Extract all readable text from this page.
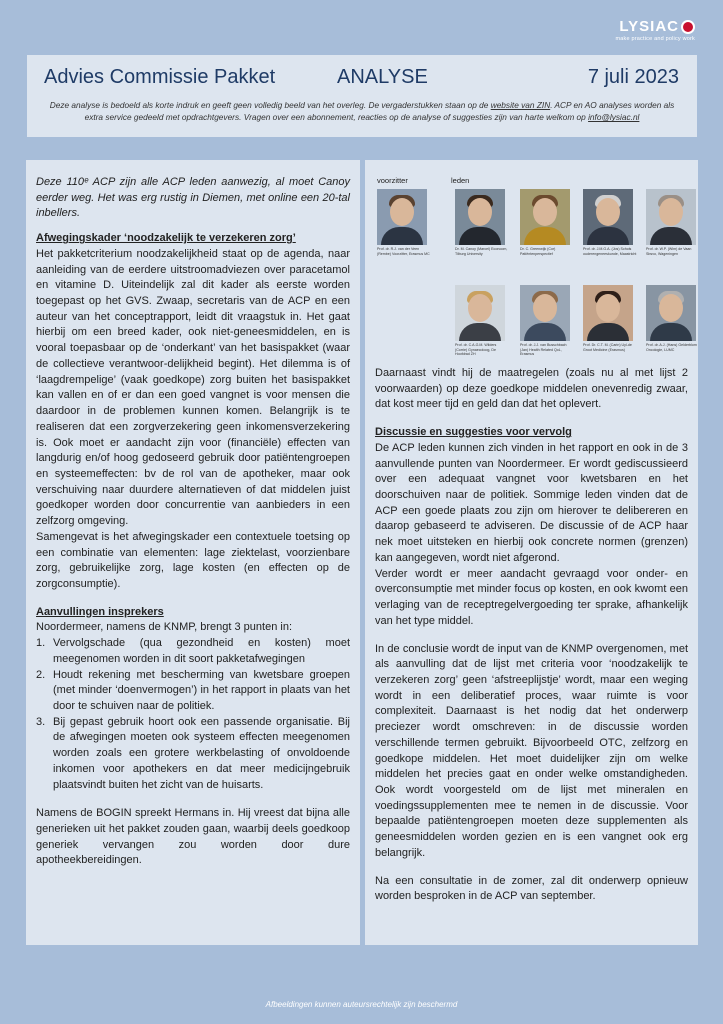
LYSIAC
make practice and policy work
Advies Commissie Pakket	ANALYSE	7 juli 2023
Deze analyse is bedoeld als korte indruk en geeft geen volledig beeld van het overleg. De vergaderstukken staan op de website van ZIN. ACP en AO analyses worden als extra service gedeeld met opdrachtgevers. Vragen over een abonnement, reacties op de analyse of suggesties zijn van harte welkom op info@lysiac.nl

Deze 110ᵉ ACP zijn alle ACP leden aanwezig, al moet Canoy eerder weg. Het was erg rustig in Diemen, met online een 20-tal inbellers.

Afwegingskader ‘noodzakelijk te verzekeren zorg’

Het pakketcriterium noodzakelijkheid staat op de agenda, naar aanleiding van de eerdere uitstroomadviezen over paracetamol en vitamine D. Uiteindelijk zal dit kader als eerste worden toegepast op het GVS. Zwaap, secretaris van de ACP en een auteur van het conceptrapport, leidt dit vraagstuk in. Het gaat hierbij om een breed kader, ook niet-geneesmiddelen, en is vooral toepasbaar op de ‘onderkant’ van het basispakket (waar de collectieve verantwoor-delijkheid begint). Het dilemma is of ‘laagdrempelige’ (vaak goedkope) zorg buiten het basispakket kan vallen en of er dan een goed vangnet is voor mensen die daardoor in de problemen kunnen komen. Belangrijk is te realiseren dat een zorgverzekering geen inkomensverzekering is. Ook moet er aandacht zijn voor (financiële) effecten van langdurig en/of hoog gedoseerd gebruik door patiëntengroepen en systeemeffecten: bv de rol van de apotheker, maar ook verschuiving naar duurdere alternatieven of dat middelen juist goedkoper worden door concurrentie van aanbieders in een zelfzorg omgeving.

Samengevat is het afwegingskader een contextuele toetsing op een combinatie van elementen: lage ziektelast, voorzienbare zorg, gebruikelijke zorg, lage kosten (en effecten op de zorgconsumptie).

Aanvullingen insprekers

Noordermeer, namens de KNMP, brengt 3 punten in:

1. Vervolgschade (qua gezondheid en kosten) moet meegenomen worden in dit soort pakketafwegingen
2. Houdt rekening met bescherming van kwetsbare groepen (met minder ‘doenvermogen’) in het rapport in plaats van het door te schuiven naar de politiek.
3. Bij gepast gebruik hoort ook een passende organisatie. Bij de afwegingen moeten ook systeem effecten meegenomen worden zoals een grotere werkbelasting of onvoldoende inkomen voor apothekers en dat meer medicijngebruik plaatsvindt buiten het zicht van de huisarts.

Namens de BOGIN spreekt Hermans in. Hij vreest dat bijna alle generieken uit het pakket zouden gaan, waarbij deels goedkoop generiek vervangen zou worden door dure apotheekbereidingen.

voorzitter	leden
Prof. dr. R.J. van der Veen (Rembe) Voorzitter, Erasmus MC
Dr. M. Canoy (Marcel) Econoom, Tilburg University
Dr. C. Greenwijk (Cor) Patiëntenperspectief
Prof. dr. J.M.G.A. (Jos) Schols ouderengeneeskunde, Maastricht
Prof. dr. W.P. (Wim) de Vaan Sbsvo, Wageningen
Prof. dr. C.A.G.M. Wilders (Corrie) Gynaecoloog, De Hoofdrad ZH
Prof. dr. J.J. van Busschbach (Jan) Health Related QoL, Erasmus
Prof. Dr. C.T. M. (Carin) Uyl-de Groot Medicine (Erasmus)
Prof. dr. A.J. (Hans) Gelderblom Oncologie, LUMC

Daarnaast vindt hij de maatregelen (zoals nu al met lijst 2 voorwaarden) op deze goedkope middelen onevenredig zwaar, dat kost meer tijd en geld dan dat het oplevert.

Discussie en suggesties voor vervolg

De ACP leden kunnen zich vinden in het rapport en ook in de 3 aanvullende punten van Noordermeer. Er wordt gediscussieerd over een adequaat vangnet voor kwetsbaren en het doorschuiven naar de politiek. Sommige leden vinden dat de ACP een goede plaats zou zijn om hierover te delibereren en daarop gebaseerd te adviseren. De discussie of de ACP haar nek moet uitsteken en hierbij ook concrete normen (grenzen) kan aangegeven, wordt niet afgerond.

Verder wordt er meer aandacht gevraagd voor onder- en overconsumptie met minder focus op kosten, en ook kwomt een verlaging van de receptregelvergoeding ter sprake, afhankelijk van het type middel.

In de conclusie wordt de input van de KNMP overgenomen, met als aanvulling dat de lijst met criteria voor ‘noodzakelijk te verzekeren zorg’ geen ‘afstreeplijstje’ wordt, maar een weging wordt in een deliberatief proces, waar ruimte is voor complexiteit. Daarnaast is het nodig dat het onderwerp preciezer wordt omschreven: in de discussie worden verschillende termen gebruikt. Bijvoorbeeld OTC, zelfzorg en goedkope middelen. Het moet duidelijker zijn om welke middelen het precies gaat en onder welke omstandigheden. Ook wordt voorgesteld om de lijst met mineralen en voedingssupplementen mee te nemen in de discussie. Voor bepaalde patiëntengroepen moeten deze supplementen als geneesmiddelen worden gezien en is een vangnet ook erg belangrijk.

Na een consultatie in de zomer, zal dit onderwerp opnieuw worden besproken in de ACP van september.

Afbeeldingen kunnen auteursrechtelijk zijn beschermd
